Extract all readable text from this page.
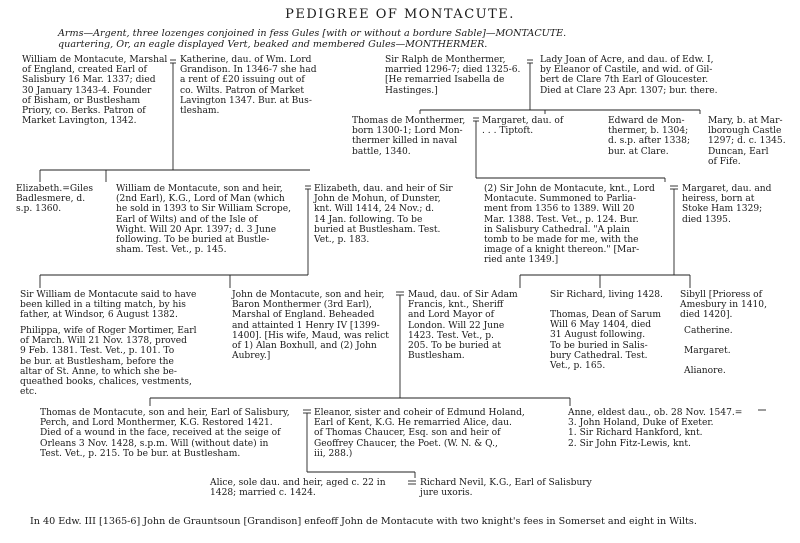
PEDIGREE OF MONTACUTE.
Arms—Argent, three lozenges conjoined in fess Gules [with or without a bordure Sable]—MONTACUTE.
quartering, Or, an eagle displayed Vert, beaked and membered Gules—MONTHERMER.
William de Montacute, Marshal
of England, created Earl of
Salisbury 16 Mar. 1337; died
30 January 1343-4. Founder
of Bisham, or Bustlesham
Priory, co. Berks. Patron of
Market Lavington, 1342.
Katherine, dau. of Wm. Lord
Grandison. In 1346-7 she had
a rent of £20 issuing out of
co. Wilts. Patron of Market
Lavington 1347. Bur. at Bus-
tlesham.
Sir Ralph de Monthermer,
married 1296-7; died 1325-6.
[He remarried Isabella de
Hastinges.]
Lady Joan of Acre, and dau. of Edw. I,
by Eleanor of Castile, and wid. of Gil-
bert de Clare 7th Earl of Gloucester.
Died at Clare 23 Apr. 1307; bur. there.
Thomas de Monthermer,
born 1300-1; Lord Mon-
thermer killed in naval
battle, 1340.
Margaret, dau. of
. . . Tiptoft.
Edward de Mon-
thermer, b. 1304;
d. s.p. after 1338;
bur. at Clare.
Mary, b. at Mar-
lborough Castle
1297; d. c. 1345.
Duncan, Earl
of Fife.
Elizabeth.=Giles
Badlesmere, d.
s.p. 1360.
William de Montacute, son and heir,
(2nd Earl), K.G., Lord of Man (which
he sold in 1393 to Sir William Scrope,
Earl of Wilts) and of the Isle of
Wight. Will 20 Apr. 1397; d. 3 June
following. To be buried at Bustle-
sham. Test. Vet., p. 145.
Elizabeth, dau. and heir of Sir
John de Mohun, of Dunster,
knt. Will 1414, 24 Nov.; d.
14 Jan. following. To be
buried at Bustlesham. Test.
Vet., p. 183.
(2) Sir John de Montacute, knt., Lord
Montacute. Summoned to Parlia-
ment from 1356 to 1389. Will 20
Mar. 1388. Test. Vet., p. 124. Bur.
in Salisbury Cathedral. "A plain
tomb to be made for me, with the
image of a knight thereon." [Mar-
ried ante 1349.]
Margaret, dau. and
heiress, born at
Stoke Ham 1329;
died 1395.
Sir William de Montacute said to have
been killed in a tilting match, by his
father, at Windsor, 6 August 1382.
Philippa, wife of Roger Mortimer, Earl
of March. Will 21 Nov. 1378, proved
9 Feb. 1381. Test. Vet., p. 101. To
be bur. at Bustlesham, before the
altar of St. Anne, to which she be-
queathed books, chalices, vestments,
etc.
John de Montacute, son and heir,
Baron Monthermer (3rd Earl),
Marshal of England. Beheaded
and attainted 1 Henry IV [1399-
1400]. [His wife, Maud, was relict
of 1) Alan Boxhull, and (2) John
Aubrey.]
Maud, dau. of Sir Adam
Francis, knt., Sheriff
and Lord Mayor of
London. Will 22 June
1423. Test. Vet., p.
205. To be buried at
Bustlesham.
Sir Richard, living 1428.
Thomas, Dean of Sarum
Will 6 May 1404, died
31 August following.
To be buried in Salis-
bury Cathedral. Test.
Vet., p. 165.
Sibyll [Prioress of
Amesbury in 1410,
died 1420].
Catherine.
Margaret.
Alianore.
Thomas de Montacute, son and heir, Earl of Salisbury,
Perch, and Lord Monthermer, K.G. Restored 1421.
Died of a wound in the face, received at the seige of
Orleans 3 Nov. 1428, s.p.m. Will (without date) in
Test. Vet., p. 215. To be bur. at Bustlesham.
Eleanor, sister and coheir of Edmund Holand,
Earl of Kent, K.G. He remarried Alice, dau.
of Thomas Chaucer, Esq. son and heir of
Geoffrey Chaucer, the Poet. (W. N. & Q.,
iii, 288.)
Anne, eldest dau., ob. 28 Nov. 1547.=
3. John Holand, Duke of Exeter.
1. Sir Richard Hankford, knt.
2. Sir John Fitz-Lewis, knt.
Alice, sole dau. and heir, aged c. 22 in
1428; married c. 1424.
Richard Nevil, K.G., Earl of Salisbury
jure uxoris.
In 40 Edw. III [1365-6] John de Grauntsoun [Grandison] enfeoff John de Montacute with two knight's fees in Somerset and eight in Wilts.
